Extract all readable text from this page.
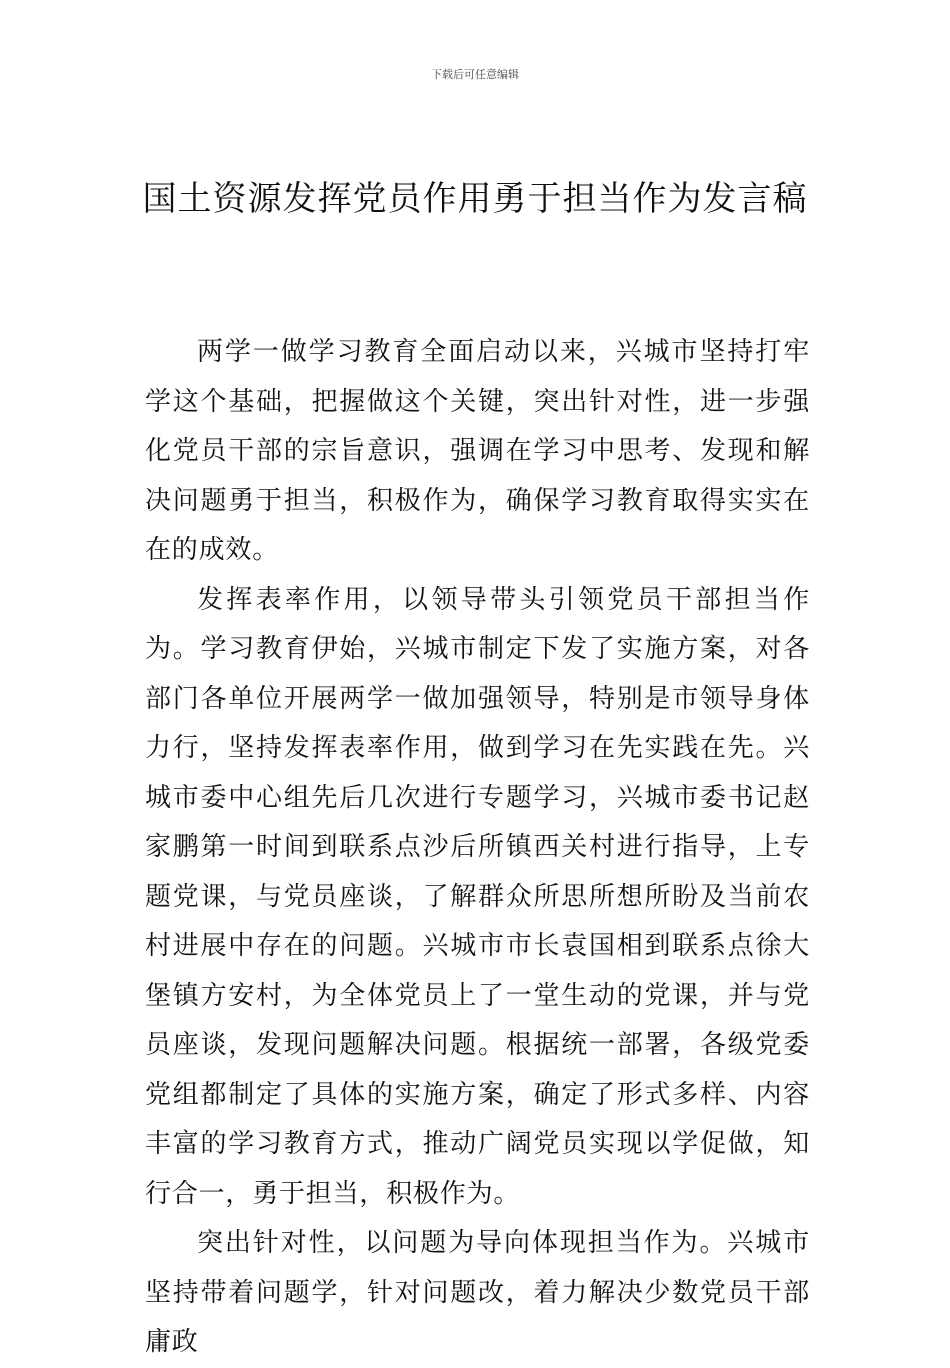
下载后可任意编辑
国土资源发挥党员作用勇于担当作为发言稿

两学一做学习教育全面启动以来，兴城市坚持打牢学这个基础，把握做这个关键，突出针对性，进一步强化党员干部的宗旨意识，强调在学习中思考、发现和解决问题勇于担当，积极作为，确保学习教育取得实实在在的成效。

发挥表率作用，以领导带头引领党员干部担当作为。学习教育伊始，兴城市制定下发了实施方案，对各部门各单位开展两学一做加强领导，特别是市领导身体力行，坚持发挥表率作用，做到学习在先实践在先。兴城市委中心组先后几次进行专题学习，兴城市委书记赵家鹏第一时间到联系点沙后所镇西关村进行指导，上专题党课，与党员座谈，了解群众所思所想所盼及当前农村进展中存在的问题。兴城市市长袁国相到联系点徐大堡镇方安村，为全体党员上了一堂生动的党课，并与党员座谈，发现问题解决问题。根据统一部署，各级党委党组都制定了具体的实施方案，确定了形式多样、内容丰富的学习教育方式，推动广阔党员实现以学促做，知行合一，勇于担当，积极作为。

突出针对性，以问题为导向体现担当作为。兴城市坚持带着问题学，针对问题改，着力解决少数党员干部庸政
